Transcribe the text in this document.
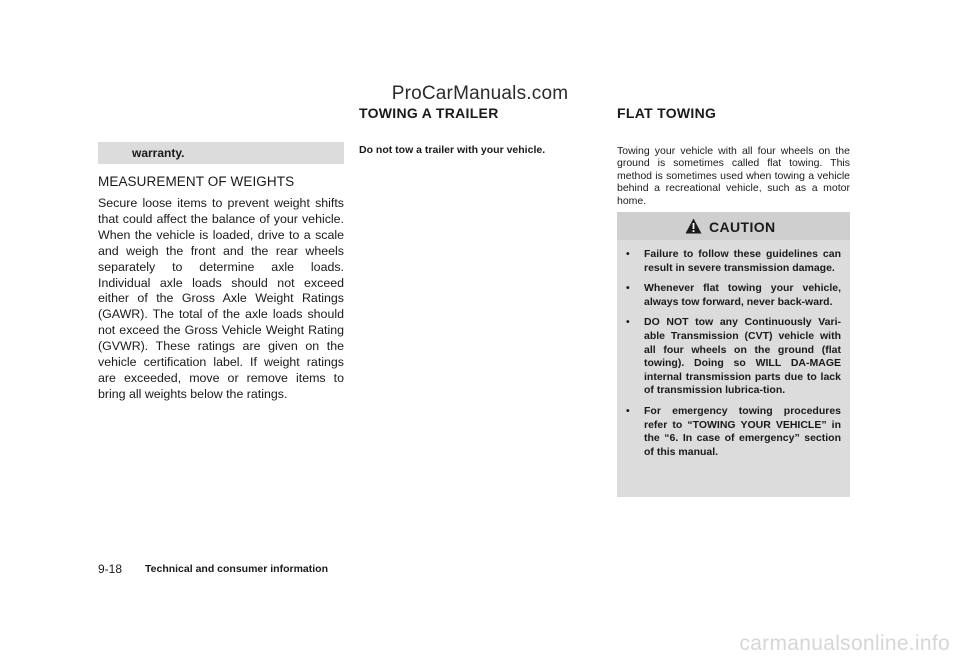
ProCarManuals.com
warranty.
MEASUREMENT OF WEIGHTS
Secure loose items to prevent weight shifts that could affect the balance of your vehicle. When the vehicle is loaded, drive to a scale and weigh the front and the rear wheels separately to determine axle loads. Individual axle loads should not exceed either of the Gross Axle Weight Ratings (GAWR). The total of the axle loads should not exceed the Gross Vehicle Weight Rating (GVWR). These ratings are given on the vehicle certification label. If weight ratings are exceeded, move or remove items to bring all weights below the ratings.
TOWING A TRAILER
Do not tow a trailer with your vehicle.
FLAT TOWING
Towing your vehicle with all four wheels on the ground is sometimes called flat towing. This method is sometimes used when towing a vehicle behind a recreational vehicle, such as a motor home.
CAUTION
• Failure to follow these guidelines can result in severe transmission damage.
• Whenever flat towing your vehicle, always tow forward, never back-ward.
• DO NOT tow any Continuously Vari-able Transmission (CVT) vehicle with all four wheels on the ground (flat towing). Doing so WILL DA-MAGE internal transmission parts due to lack of transmission lubrica-tion.
• For emergency towing procedures refer to “TOWING YOUR VEHICLE” in the “6. In case of emergency” section of this manual.
9-18 Technical and consumer information
carmanualsonline.info
